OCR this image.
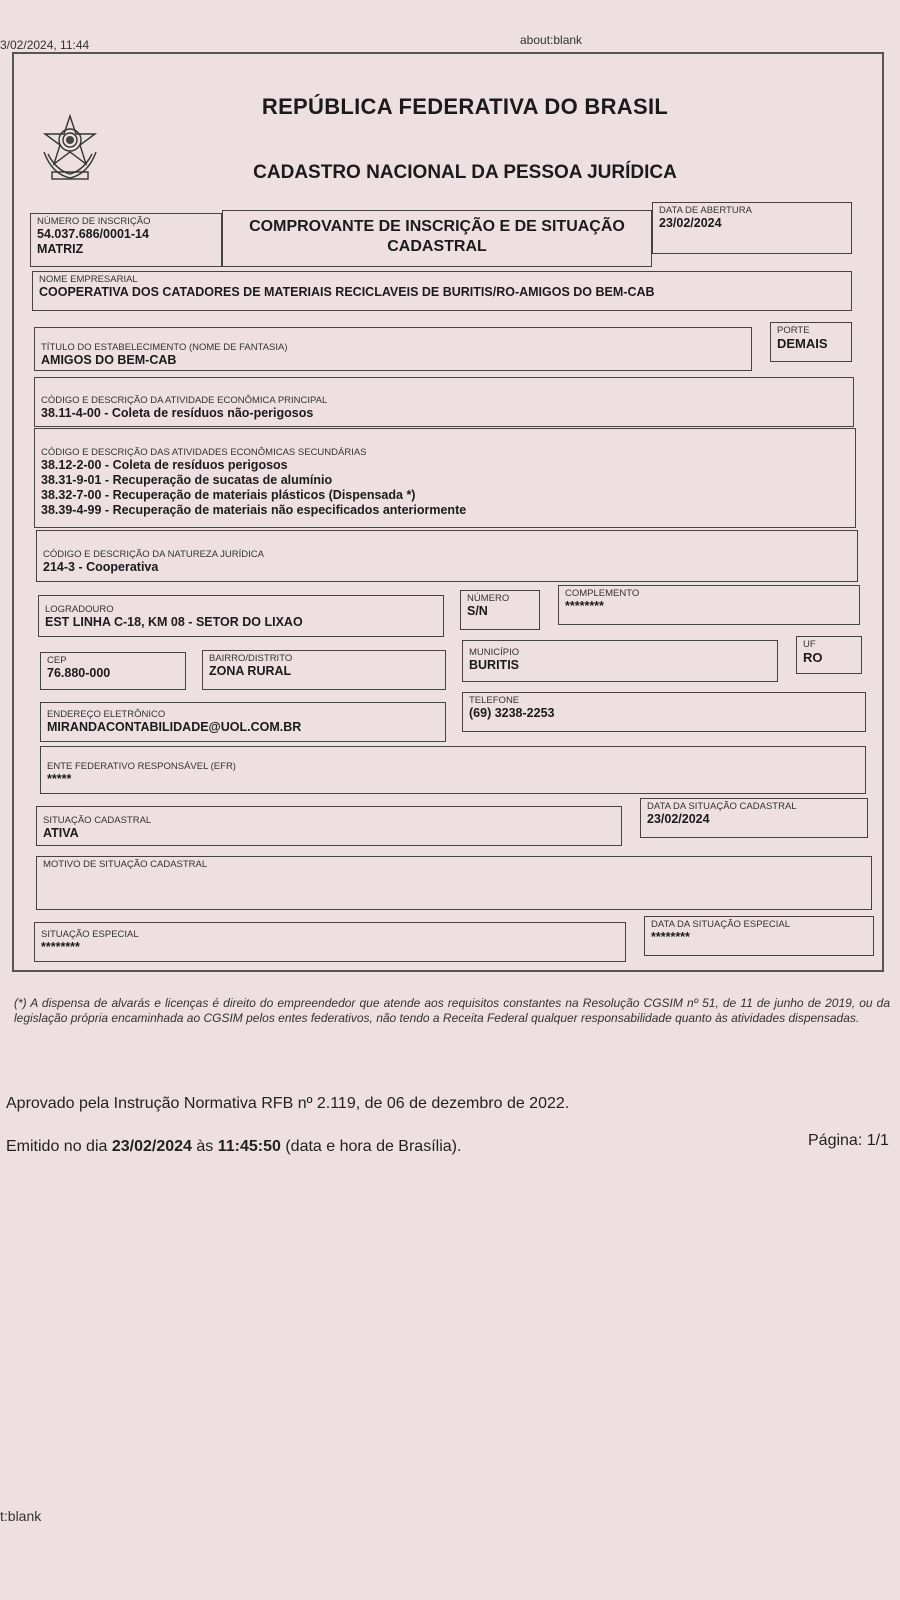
3/02/2024, 11:44	about:blank
REPÚBLICA FEDERATIVA DO BRASIL
CADASTRO NACIONAL DA PESSOA JURÍDICA
NÚMERO DE INSCRIÇÃO
54.037.686/0001-14
MATRIZ
COMPROVANTE DE INSCRIÇÃO E DE SITUAÇÃO
CADASTRAL
DATA DE ABERTURA
23/02/2024
NOME EMPRESARIAL
COOPERATIVA DOS CATADORES DE MATERIAIS RECICLAVEIS DE BURITIS/RO-AMIGOS DO BEM-CAB
TÍTULO DO ESTABELECIMENTO (NOME DE FANTASIA)
AMIGOS DO BEM-CAB
PORTE
DEMAIS
CÓDIGO E DESCRIÇÃO DA ATIVIDADE ECONÔMICA PRINCIPAL
38.11-4-00 - Coleta de resíduos não-perigosos
CÓDIGO E DESCRIÇÃO DAS ATIVIDADES ECONÔMICAS SECUNDÁRIAS
38.12-2-00 - Coleta de resíduos perigosos
38.31-9-01 - Recuperação de sucatas de alumínio
38.32-7-00 - Recuperação de materiais plásticos (Dispensada *)
38.39-4-99 - Recuperação de materiais não especificados anteriormente
CÓDIGO E DESCRIÇÃO DA NATUREZA JURÍDICA
214-3 - Cooperativa
LOGRADOURO
EST LINHA C-18, KM 08 - SETOR DO LIXAO
NÚMERO
S/N
COMPLEMENTO
********
CEP
76.880-000
BAIRRO/DISTRITO
ZONA RURAL
MUNICÍPIO
BURITIS
UF
RO
ENDEREÇO ELETRÔNICO
MIRANDACONTABILIDADE@UOL.COM.BR
TELEFONE
(69) 3238-2253
ENTE FEDERATIVO RESPONSÁVEL (EFR)
*****
SITUAÇÃO CADASTRAL
ATIVA
DATA DA SITUAÇÃO CADASTRAL
23/02/2024
MOTIVO DE SITUAÇÃO CADASTRAL
SITUAÇÃO ESPECIAL
********
DATA DA SITUAÇÃO ESPECIAL
********
(*) A dispensa de alvarás e licenças é direito do empreendedor que atende aos requisitos constantes na Resolução CGSIM nº 51, de 11 de junho de 2019, ou da legislação própria encaminhada ao CGSIM pelos entes federativos, não tendo a Receita Federal qualquer responsabilidade quanto às atividades dispensadas.
Aprovado pela Instrução Normativa RFB nº 2.119, de 06 de dezembro de 2022.
Emitido no dia 23/02/2024 às 11:45:50 (data e hora de Brasília).	Página: 1/1
t:blank
